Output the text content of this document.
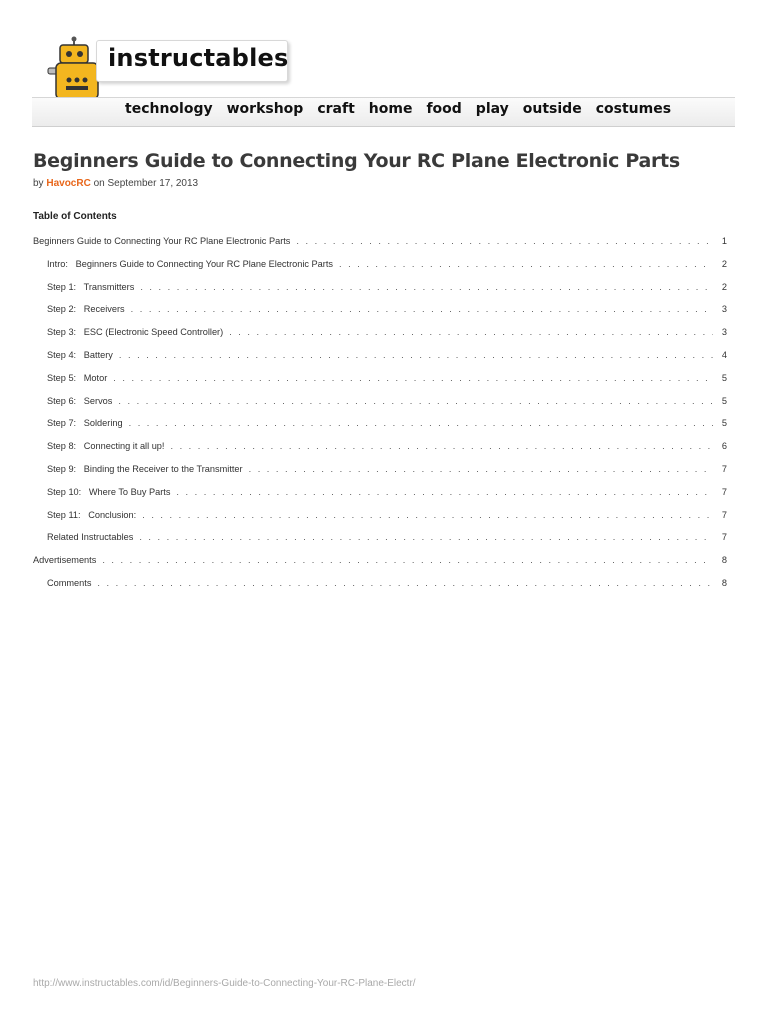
instructables
technology workshop craft home food play outside costumes
Beginners Guide to Connecting Your RC Plane Electronic Parts
by HavocRC on September 17, 2013
Table of Contents
Beginners Guide to Connecting Your RC Plane Electronic Parts . . .	1
Intro:   Beginners Guide to Connecting Your RC Plane Electronic Parts . . .	2
Step 1:   Transmitters . . .	2
Step 2:   Receivers . . .	3
Step 3:   ESC (Electronic Speed Controller) . . .	3
Step 4:   Battery . . .	4
Step 5:   Motor . . .	5
Step 6:   Servos . . .	5
Step 7:   Soldering . . .	5
Step 8:   Connecting it all up! . . .	6
Step 9:   Binding the Receiver to the Transmitter . . .	7
Step 10:   Where To Buy Parts . . .	7
Step 11:   Conclusion: . . .	7
Related Instructables . . .	7
Advertisements . . .	8
Comments . . .	8
http://www.instructables.com/id/Beginners-Guide-to-Connecting-Your-RC-Plane-Electr/
